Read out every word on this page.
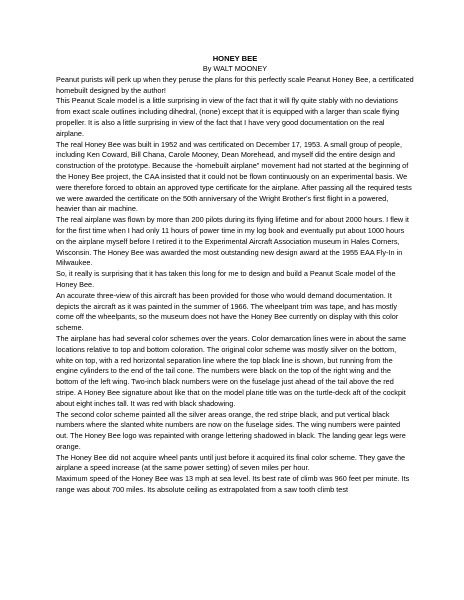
HONEY BEE

By WALT MOONEY

Peanut purists will perk up when they peruse the plans for this perfectly scale Peanut Honey Bee, a certificated homebuilt designed by the author!

This Peanut Scale model is a little surprising in view of the fact that it will fly quite stably with no deviations from exact scale outlines including dihedral, (none) except that it is equipped with a larger than scale flying propeller. It is also a little surprising in view of the fact that I have very good documentation on the real airplane.

The real Honey Bee was built in 1952 and was certificated on December 17, 1953. A small group of people, including Ken Coward, Bill Chana, Carole Mooney, Dean Morehead, and myself did the entire design and construction of the prototype. Because the -homebuilt airplane" movement had not started at the beginning of the Honey Bee project, the CAA insisted that it could not be flown continuously on an experimental basis. We were therefore forced to obtain an approved type certificate for the airplane. After passing all the required tests we were awarded the certificate on the 50th anniversary of the Wright Brother's first flight in a powered, heavier than air machine.

The real airplane was flown by more than 200 pilots during its flying lifetime and for about 2000 hours. I flew it for the first time when I had only 11 hours of power time in my log book and eventually put about 1000 hours on the airplane myself before I retired it to the Experimental Aircraft Association museum in Hales Corners, Wisconsin. The Honey Bee was awarded the most outstanding new design award at the 1955 EAA Fly-In in Milwaukee.

So, it really is surprising that it has taken this long for me to design and build a Peanut Scale model of the Honey Bee.

An accurate three-view of this aircraft has been provided for those who would demand documentation. It depicts the aircraft as it was painted in the summer of 1966. The wheelpant trim was tape, and has mostly come off the wheelpants, so the museum does not have the Honey Bee currently on display with this color scheme.

The airplane has had several color schemes over the years. Color demarcation lines were in about the same locations relative to top and bottom coloration. The original color scheme was mostly silver on the bottom, white on top, with a red horizontal separation line where the top black line is shown, but running from the engine cylinders to the end of the tail cone. The numbers were black on the top of the right wing and the bottom of the left wing. Two-inch black numbers were on the fuselage just ahead of the tail above the red stripe. A Honey Bee signature about like that on the model plane title was on the turtle-deck aft of the cockpit about eight inches tall. It was red with black shadowing.

The second color scheme painted all the silver areas orange, the red stripe black, and put vertical black numbers where the slanted white numbers are now on the fuselage sides. The wing numbers were painted out. The Honey Bee logo was repainted with orange lettering shadowed in black. The landing gear legs were orange.

The Honey Bee did not acquire wheel pants until just before it acquired its final color scheme. They gave the airplane a speed increase (at the same power setting) of seven miles per hour.

Maximum speed of the Honey Bee was 13 mph at sea level. Its best rate of climb was 960 feet per minute. Its range was about 700 miles. Its absolute ceiling as extrapolated from a saw tooth climb test
